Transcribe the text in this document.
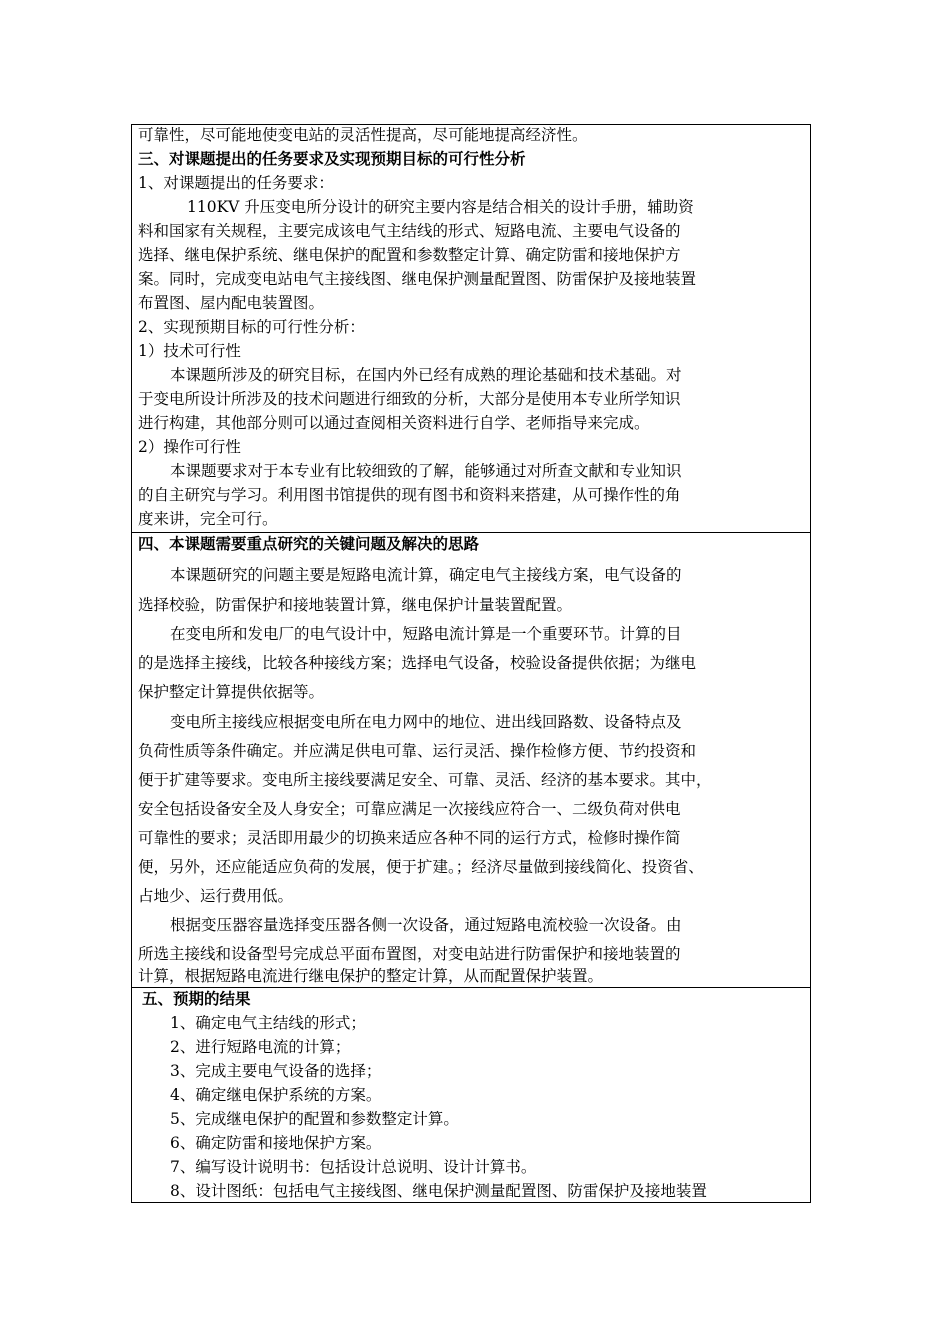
可靠性，尽可能地使变电站的灵活性提高，尽可能地提高经济性。
三、对课题提出的任务要求及实现预期目标的可行性分析
1、对课题提出的任务要求：
110KV 升压变电所分设计的研究主要内容是结合相关的设计手册，辅助资
料和国家有关规程，主要完成该电气主结线的形式、短路电流、主要电气设备的
选择、继电保护系统、继电保护的配置和参数整定计算、确定防雷和接地保护方
案。同时，完成变电站电气主接线图、继电保护测量配置图、防雷保护及接地装置
布置图、屋内配电装置图。
2、实现预期目标的可行性分析：
1）技术可行性
本课题所涉及的研究目标，在国内外已经有成熟的理论基础和技术基础。对
于变电所设计所涉及的技术问题进行细致的分析，大部分是使用本专业所学知识
进行构建，其他部分则可以通过查阅相关资料进行自学、老师指导来完成。
2）操作可行性
本课题要求对于本专业有比较细致的了解，能够通过对所查文献和专业知识
的自主研究与学习。利用图书馆提供的现有图书和资料来搭建，从可操作性的角
度来讲，完全可行。
四、本课题需要重点研究的关键问题及解决的思路
本课题研究的问题主要是短路电流计算，确定电气主接线方案，电气设备的
选择校验，防雷保护和接地装置计算，继电保护计量装置配置。
在变电所和发电厂的电气设计中，短路电流计算是一个重要环节。计算的目
的是选择主接线，比较各种接线方案；选择电气设备，校验设备提供依据；为继电
保护整定计算提供依据等。
变电所主接线应根据变电所在电力网中的地位、进出线回路数、设备特点及
负荷性质等条件确定。并应满足供电可靠、运行灵活、操作检修方便、节约投资和
便于扩建等要求。变电所主接线要满足安全、可靠、灵活、经济的基本要求。其中，
安全包括设备安全及人身安全；可靠应满足一次接线应符合一、二级负荷对供电
可靠性的要求；灵活即用最少的切换来适应各种不同的运行方式，检修时操作简
便，另外，还应能适应负荷的发展，便于扩建。；经济尽量做到接线简化、投资省、
占地少、运行费用低。
根据变压器容量选择变压器各侧一次设备，通过短路电流校验一次设备。由
所选主接线和设备型号完成总平面布置图，对变电站进行防雷保护和接地装置的
计算，根据短路电流进行继电保护的整定计算，从而配置保护装置。
五、预期的结果
1、确定电气主结线的形式；
2、进行短路电流的计算；
3、完成主要电气设备的选择；
4、确定继电保护系统的方案。
5、完成继电保护的配置和参数整定计算。
6、确定防雷和接地保护方案。
7、编写设计说明书：包括设计总说明、设计计算书。
8、设计图纸：包括电气主接线图、继电保护测量配置图、防雷保护及接地装置
